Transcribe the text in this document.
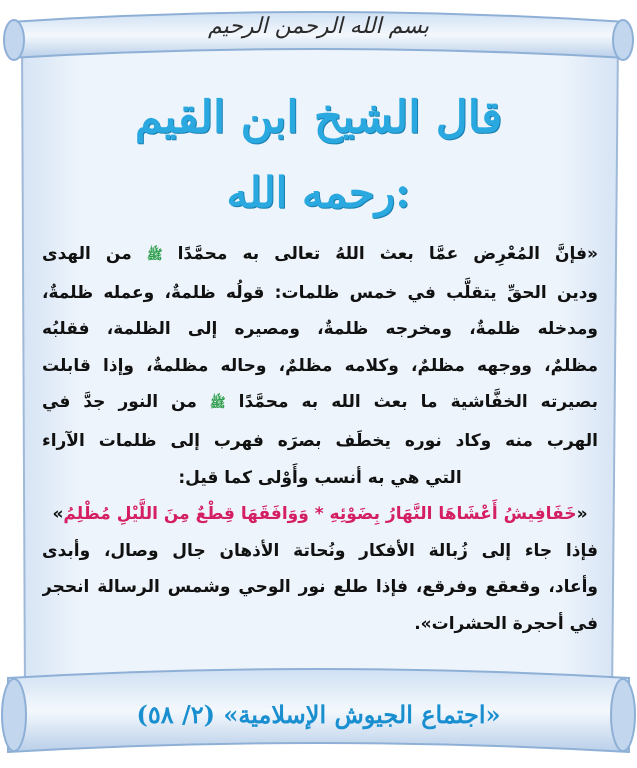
بسم الله الرحمن الرحيم
قال الشيخ ابن القيم
رحمه الله:
«فإنَّ المُعْرِض عمَّا بعث اللهُ تعالى به محمَّدًا ﷺ من الهدى
ودين الحقِّ يتقلَّب في خمس ظلمات: قولُه ظلمةٌ، وعمله ظلمةٌ،
ومدخله ظلمةٌ، ومخرجه ظلمةٌ، ومصيره إلى الظلمة، فقلبُه
مظلمٌ، ووجهه مظلمٌ، وكلامه مظلمٌ، وحاله مظلمةٌ، وإذا قابلت
بصيرته الخفَّاشية ما بعث الله به محمَّدًا ﷺ من النور جدَّ في
الهرب منه وكاد نوره يخطَف بصرَه فهرب إلى ظلمات الآراء
التي هي به أنسب وأَوْلى كما قيل:
«خَفَافِيشُ أَعْشَاهَا النَّهَارُ بِضَوْئِهِ * وَوَافَقَهَا قِطْعٌ مِنَ اللَّيْلِ مُظْلِمُ»
فإذا جاء إلى زُبالة الأفكار ونُحاتة الأذهان جال وصال، وأبدى
وأعاد، وقعقع وفرقع، فإذا طلع نور الوحي وشمس الرسالة انحجر
في أحجرة الحشرات».
«اجتماع الجيوش الإسلامية» (٢/ ٥٨)
